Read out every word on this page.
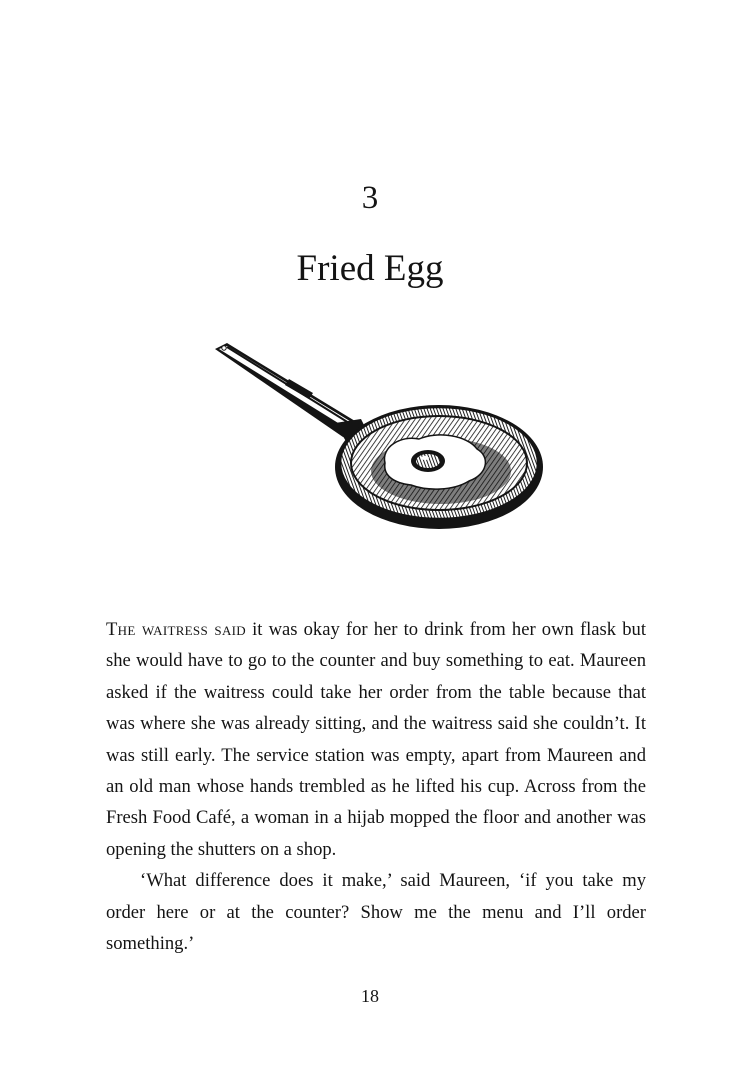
3
Fried Egg

The waitress said it was okay for her to drink from her own flask but she would have to go to the counter and buy something to eat. Maureen asked if the waitress could take her order from the table because that was where she was already sitting, and the waitress said she couldn’t. It was still early. The service station was empty, apart from Maureen and an old man whose hands trembled as he lifted his cup. Across from the Fresh Food Café, a woman in a hijab mopped the floor and another was opening the shutters on a shop.

‘What difference does it make,’ said Maureen, ‘if you take my order here or at the counter? Show me the menu and I’ll order something.’

18
